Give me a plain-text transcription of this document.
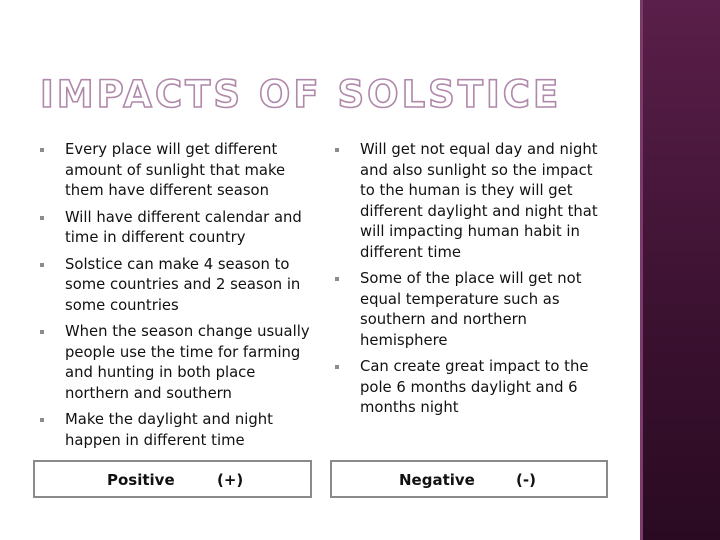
IMPACTS OF SOLSTICE
Every place will get different amount of sunlight that make them have different season
Will have different calendar and time in different country
Solstice can make 4 season to some countries and 2 season in some countries
When the season change usually people use the time for farming and hunting in both place northern and southern
Make the daylight and night happen in different time
Will get not equal day and night and also sunlight so the impact to the human is they will get different daylight and night that will impacting human habit in different time
Some of the place will get not equal temperature such as southern and northern hemisphere
Can create great impact to the pole 6 months daylight and 6 months night
Positive	(+)	Negative	(-)
